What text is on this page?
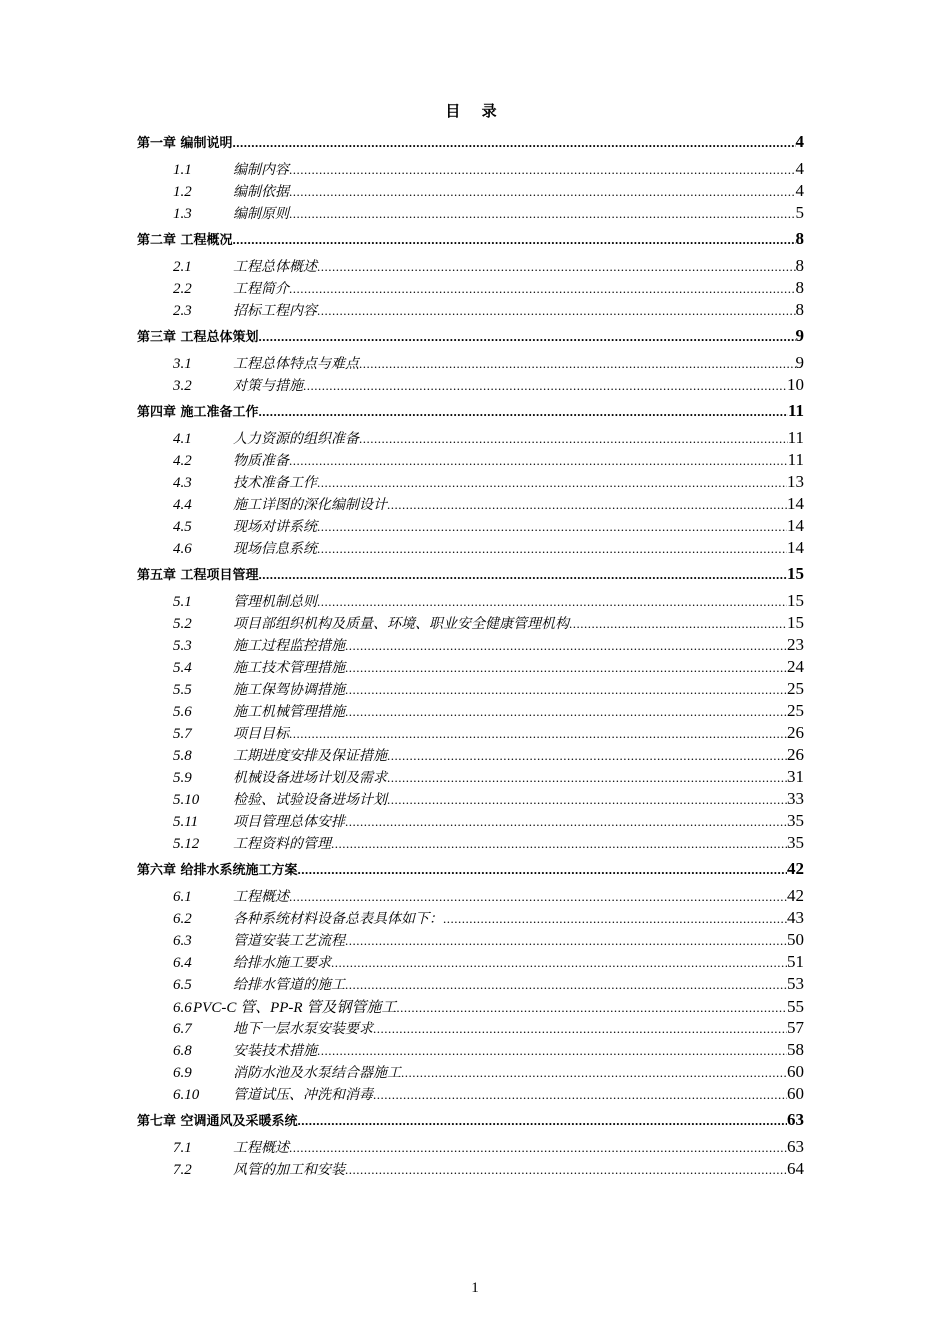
目 录
第一章 编制说明 .....	4
1.1	编制内容 .....	4
1.2	编制依据 .....	4
1.3	编制原则 .....	5
第二章 工程概况 .....	8
2.1	工程总体概述 .....	8
2.2	工程简介 .....	8
2.3	招标工程内容 .....	8
第三章 工程总体策划 .....	9
3.1	工程总体特点与难点 .....	9
3.2	对策与措施 .....	10
第四章 施工准备工作 .....	11
4.1	人力资源的组织准备 .....	11
4.2	物质准备 .....	11
4.3	技术准备工作 .....	13
4.4	施工详图的深化编制设计 .....	14
4.5	现场对讲系统 .....	14
4.6	现场信息系统 .....	14
第五章 工程项目管理 .....	15
5.1	管理机制总则 .....	15
5.2	项目部组织机构及质量、环境、职业安全健康管理机构 .....	15
5.3	施工过程监控措施 .....	23
5.4	施工技术管理措施 .....	24
5.5	施工保驾协调措施 .....	25
5.6	施工机械管理措施 .....	25
5.7	项目目标 .....	26
5.8	工期进度安排及保证措施 .....	26
5.9	机械设备进场计划及需求 .....	31
5.10	检验、试验设备进场计划 .....	33
5.11	项目管理总体安排 .....	35
5.12	工程资料的管理 .....	35
第六章 给排水系统施工方案 .....	42
6.1	工程概述 .....	42
6.2	各种系统材料设备总表具体如下： .....	43
6.3	管道安装工艺流程 .....	50
6.4	给排水施工要求 .....	51
6.5	给排水管道的施工 .....	53
6.6 PVC-C 管、PP-R 管及钢管施工 .....	55
6.7	地下一层水泵安装要求 .....	57
6.8	安装技术措施 .....	58
6.9	消防水池及水泵结合器施工 .....	60
6.10	管道试压、冲洗和消毒 .....	60
第七章 空调通风及采暖系统 .....	63
7.1	工程概述 .....	63
7.2	风管的加工和安装 .....	64
1
